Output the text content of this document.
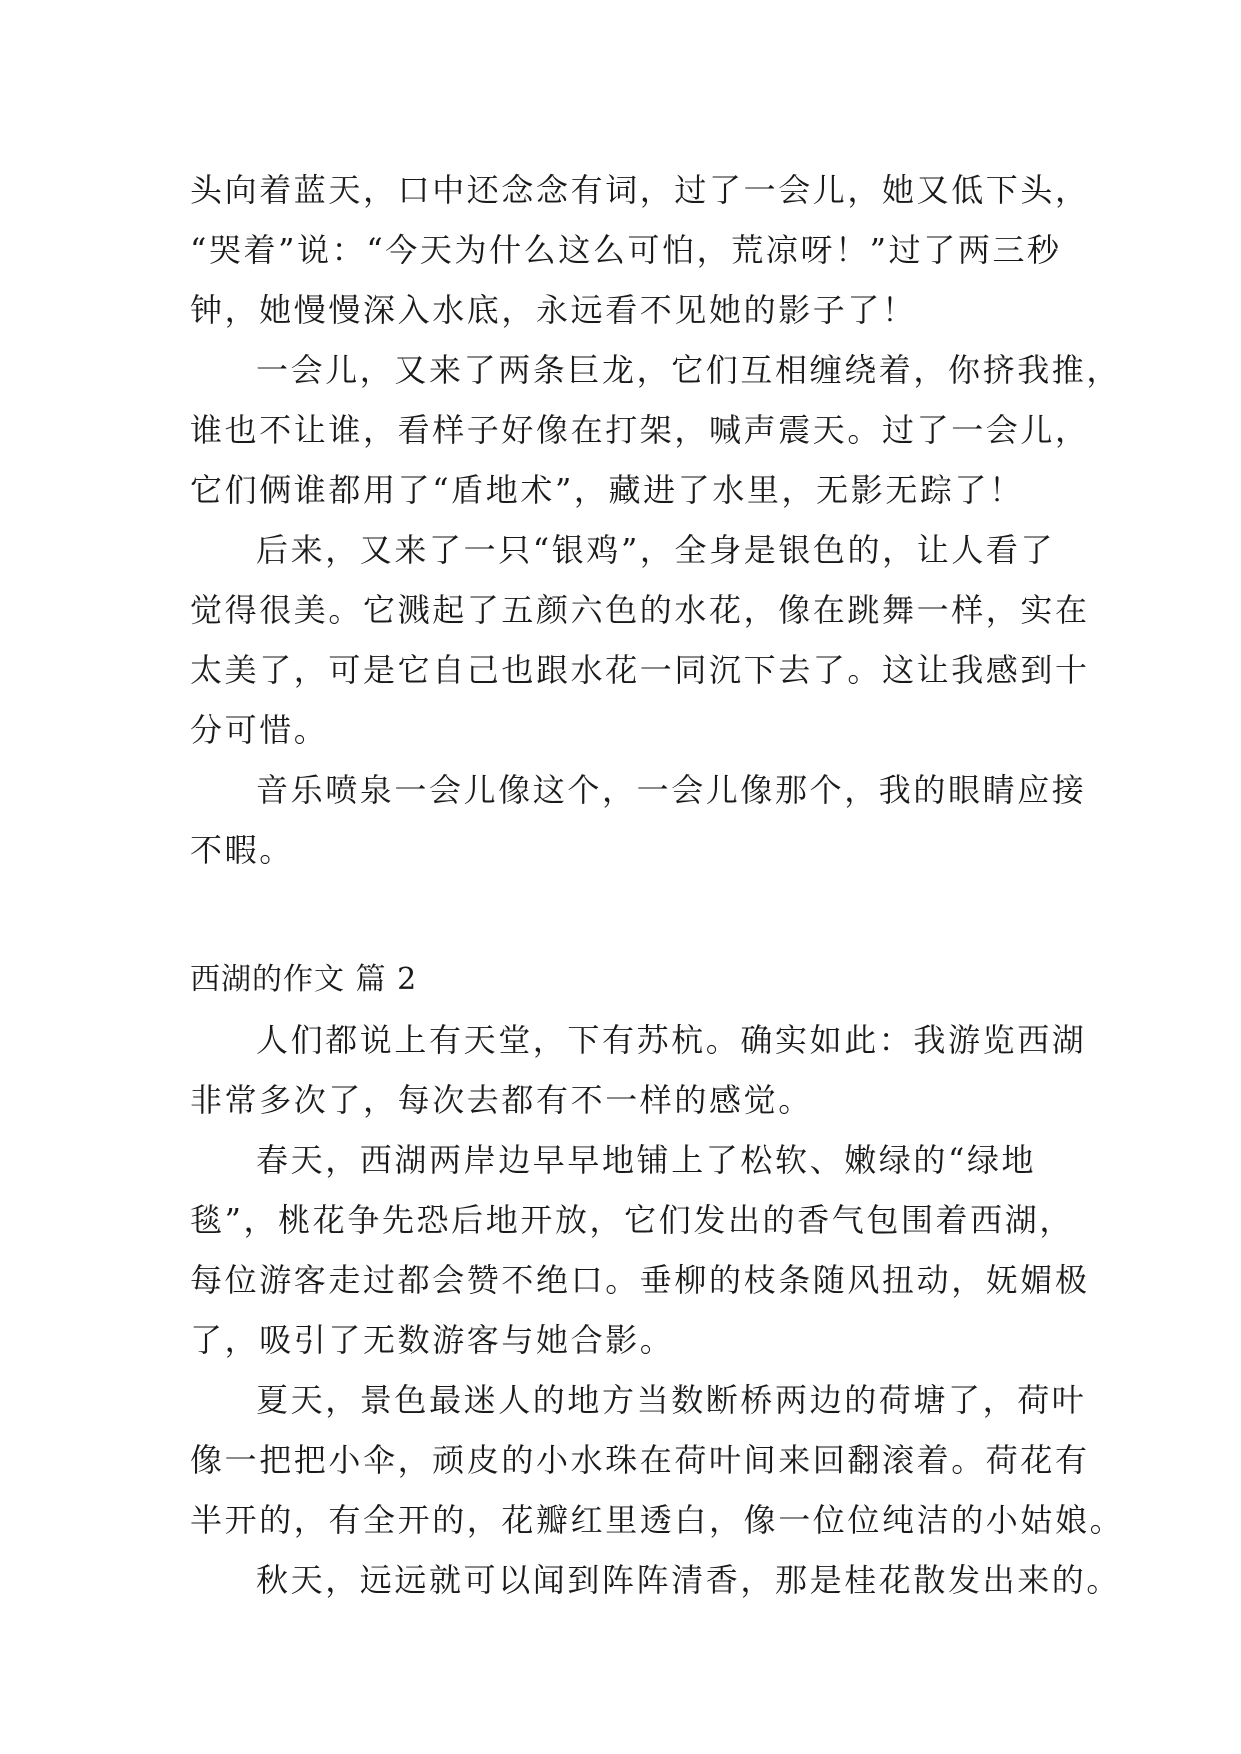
头向着蓝天，口中还念念有词，过了一会儿，她又低下头，
“哭着”说：“今天为什么这么可怕，荒凉呀！”过了两三秒
钟，她慢慢深入水底，永远看不见她的影子了！
一会儿，又来了两条巨龙，它们互相缠绕着，你挤我推，
谁也不让谁，看样子好像在打架，喊声震天。过了一会儿，
它们俩谁都用了“盾地术”，藏进了水里，无影无踪了！
后来，又来了一只“银鸡”，全身是银色的，让人看了
觉得很美。它溅起了五颜六色的水花，像在跳舞一样，实在
太美了，可是它自己也跟水花一同沉下去了。这让我感到十
分可惜。
音乐喷泉一会儿像这个，一会儿像那个，我的眼睛应接
不暇。
西湖的作文 篇 2
人们都说上有天堂，下有苏杭。确实如此：我游览西湖
非常多次了，每次去都有不一样的感觉。
春天，西湖两岸边早早地铺上了松软、嫩绿的“绿地
毯”，桃花争先恐后地开放，它们发出的香气包围着西湖，
每位游客走过都会赞不绝口。垂柳的枝条随风扭动，妩媚极
了，吸引了无数游客与她合影。
夏天，景色最迷人的地方当数断桥两边的荷塘了，荷叶
像一把把小伞，顽皮的小水珠在荷叶间来回翻滚着。荷花有
半开的，有全开的，花瓣红里透白，像一位位纯洁的小姑娘。
秋天，远远就可以闻到阵阵清香，那是桂花散发出来的。
